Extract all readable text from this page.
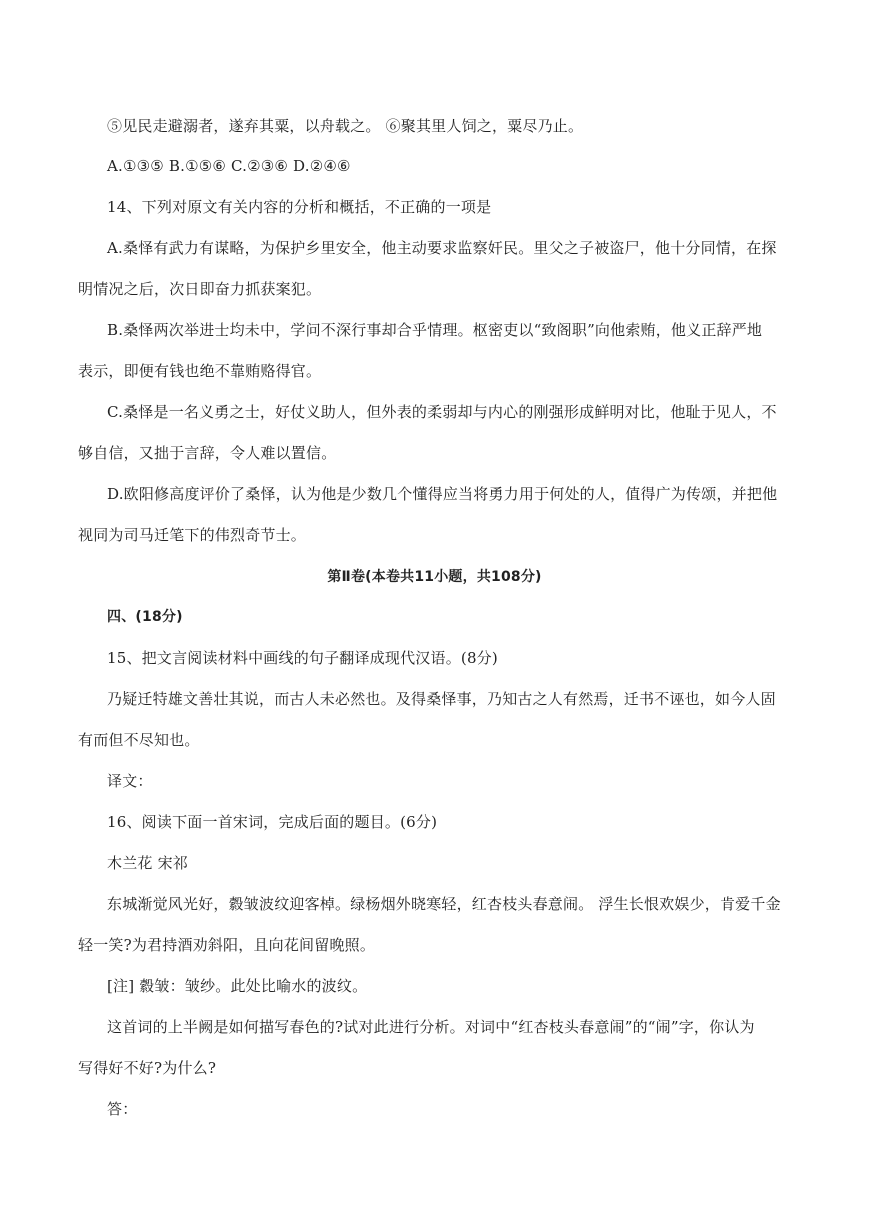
⑤见民走避溺者，遂弃其粟，以舟载之。 ⑥聚其里人饲之，粟尽乃止。
A.①③⑤ B.①⑤⑥ C.②③⑥ D.②④⑥
14、下列对原文有关内容的分析和概括，不正确的一项是
A.桑怿有武力有谋略，为保护乡里安全，他主动要求监察奸民。里父之子被盗尸，他十分同情，在探
明情况之后，次日即奋力抓获案犯。
B.桑怿两次举进士均未中，学问不深行事却合乎情理。枢密吏以“致阁职”向他索贿，他义正辞严地
表示，即便有钱也绝不靠贿赂得官。
C.桑怿是一名义勇之士，好仗义助人，但外表的柔弱却与内心的刚强形成鲜明对比，他耻于见人，不
够自信，又拙于言辞，令人难以置信。
D.欧阳修高度评价了桑怿，认为他是少数几个懂得应当将勇力用于何处的人，值得广为传颂，并把他
视同为司马迁笔下的伟烈奇节士。
第Ⅱ卷(本卷共11小题，共108分)
四、(18分)
15、把文言阅读材料中画线的句子翻译成现代汉语。(8分)
乃疑迁特雄文善壮其说，而古人未必然也。及得桑怿事，乃知古之人有然焉，迁书不诬也，如今人固
有而但不尽知也。
译文：
16、阅读下面一首宋词，完成后面的题目。(6分)
木兰花 宋祁
东城渐觉风光好，縠皱波纹迎客棹。绿杨烟外晓寒轻，红杏枝头春意闹。 浮生长恨欢娱少，肯爱千金
轻一笑?为君持酒劝斜阳，且向花间留晚照。
[注] 縠皱：皱纱。此处比喻水的波纹。
这首词的上半阙是如何描写春色的?试对此进行分析。对词中“红杏枝头春意闹”的“闹”字，你认为
写得好不好?为什么?
答：
